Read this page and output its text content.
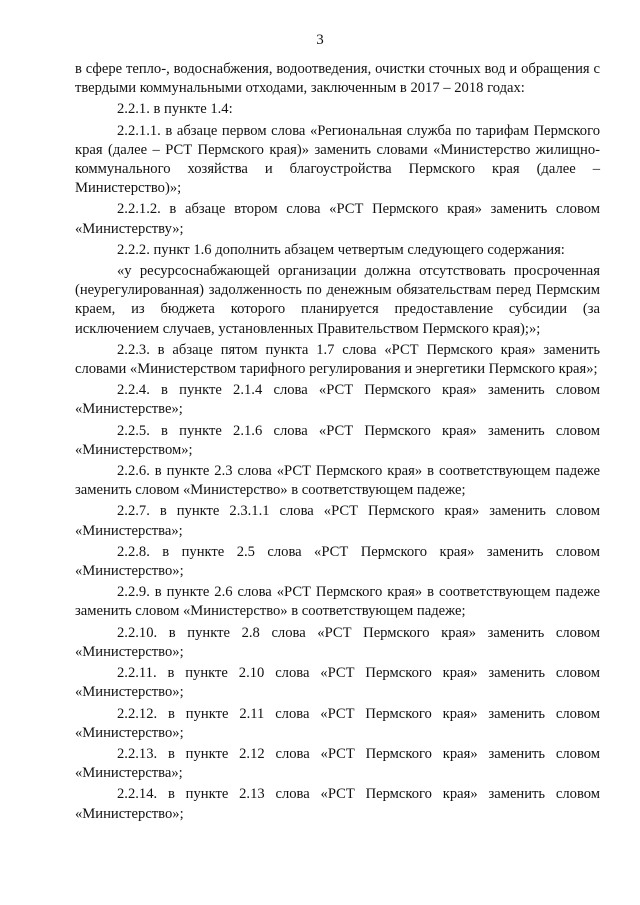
3

в сфере тепло-, водоснабжения, водоотведения, очистки сточных вод и обращения с твердыми коммунальными отходами, заключенным в 2017 – 2018 годах:

2.2.1. в пункте 1.4:

2.2.1.1. в абзаце первом слова «Региональная служба по тарифам Пермского края (далее – РСТ Пермского края)» заменить словами «Министерство жилищно-коммунального хозяйства и благоустройства Пермского края (далее – Министерство)»;

2.2.1.2. в абзаце втором слова «РСТ Пермского края» заменить словом «Министерству»;

2.2.2. пункт 1.6 дополнить абзацем четвертым следующего содержания:

«у ресурсоснабжающей организации должна отсутствовать просроченная (неурегулированная) задолженность по денежным обязательствам перед Пермским краем, из бюджета которого планируется предоставление субсидии (за исключением случаев, установленных Правительством Пермского края);»;

2.2.3. в абзаце пятом пункта 1.7 слова «РСТ Пермского края» заменить словами «Министерством тарифного регулирования и энергетики Пермского края»;

2.2.4. в пункте 2.1.4 слова «РСТ Пермского края» заменить словом «Министерстве»;

2.2.5. в пункте 2.1.6 слова «РСТ Пермского края» заменить словом «Министерством»;

2.2.6. в пункте 2.3 слова «РСТ Пермского края» в соответствующем падеже заменить словом «Министерство» в соответствующем падеже;

2.2.7. в пункте 2.3.1.1 слова «РСТ Пермского края» заменить словом «Министерства»;

2.2.8. в пункте 2.5 слова «РСТ Пермского края» заменить словом «Министерство»;

2.2.9. в пункте 2.6 слова «РСТ Пермского края» в соответствующем падеже заменить словом «Министерство» в соответствующем падеже;

2.2.10. в пункте 2.8 слова «РСТ Пермского края» заменить словом «Министерство»;

2.2.11. в пункте 2.10 слова «РСТ Пермского края» заменить словом «Министерство»;

2.2.12. в пункте 2.11 слова «РСТ Пермского края» заменить словом «Министерство»;

2.2.13. в пункте 2.12 слова «РСТ Пермского края» заменить словом «Министерства»;

2.2.14. в пункте 2.13 слова «РСТ Пермского края» заменить словом «Министерство»;
